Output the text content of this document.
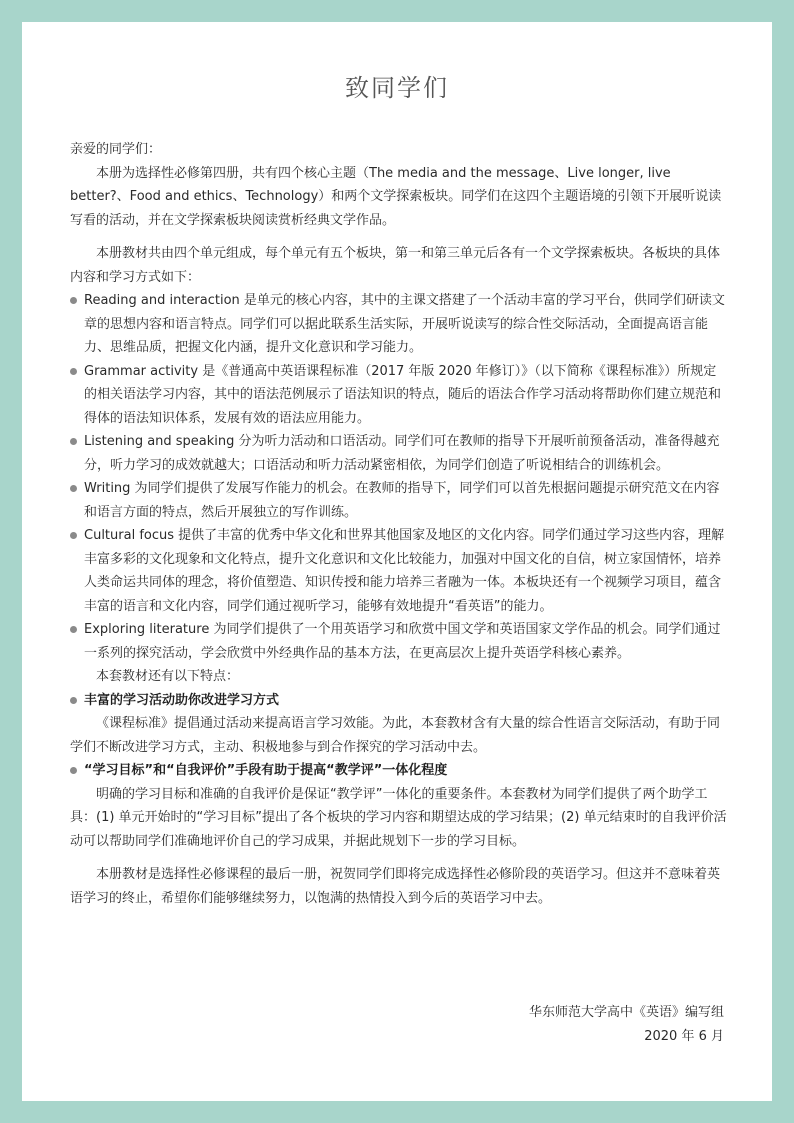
致同学们

亲爱的同学们：

本册为选择性必修第四册，共有四个核心主题（The media and the message、Live longer, live better?、Food and ethics、Technology）和两个文学探索板块。同学们在这四个主题语境的引领下开展听说读写看的活动，并在文学探索板块阅读赏析经典文学作品。

本册教材共由四个单元组成，每个单元有五个板块，第一和第三单元后各有一个文学探索板块。各板块的具体内容和学习方式如下：

Reading and interaction 是单元的核心内容，其中的主课文搭建了一个活动丰富的学习平台，供同学们研读文章的思想内容和语言特点。同学们可以据此联系生活实际，开展听说读写的综合性交际活动，全面提高语言能力、思维品质，把握文化内涵，提升文化意识和学习能力。

Grammar activity 是《普通高中英语课程标准（2017 年版 2020 年修订）》（以下简称《课程标准》）所规定的相关语法学习内容，其中的语法范例展示了语法知识的特点，随后的语法合作学习活动将帮助你们建立规范和得体的语法知识体系，发展有效的语法应用能力。

Listening and speaking 分为听力活动和口语活动。同学们可在教师的指导下开展听前预备活动，准备得越充分，听力学习的成效就越大；口语活动和听力活动紧密相依，为同学们创造了听说相结合的训练机会。

Writing 为同学们提供了发展写作能力的机会。在教师的指导下，同学们可以首先根据问题提示研究范文在内容和语言方面的特点，然后开展独立的写作训练。

Cultural focus 提供了丰富的优秀中华文化和世界其他国家及地区的文化内容。同学们通过学习这些内容，理解丰富多彩的文化现象和文化特点，提升文化意识和文化比较能力，加强对中国文化的自信，树立家国情怀，培养人类命运共同体的理念，将价值塑造、知识传授和能力培养三者融为一体。本板块还有一个视频学习项目，蕴含丰富的语言和文化内容，同学们通过视听学习，能够有效地提升“看英语”的能力。

Exploring literature 为同学们提供了一个用英语学习和欣赏中国文学和英语国家文学作品的机会。同学们通过一系列的探究活动，学会欣赏中外经典作品的基本方法，在更高层次上提升英语学科核心素养。

本套教材还有以下特点：

丰富的学习活动助你改进学习方式

《课程标准》提倡通过活动来提高语言学习效能。为此，本套教材含有大量的综合性语言交际活动，有助于同学们不断改进学习方式，主动、积极地参与到合作探究的学习活动中去。

“学习目标”和“自我评价”手段有助于提高“教学评”一体化程度

明确的学习目标和准确的自我评价是保证“教学评”一体化的重要条件。本套教材为同学们提供了两个助学工具：(1) 单元开始时的“学习目标”提出了各个板块的学习内容和期望达成的学习结果；(2) 单元结束时的自我评价活动可以帮助同学们准确地评价自己的学习成果，并据此规划下一步的学习目标。

本册教材是选择性必修课程的最后一册，祝贺同学们即将完成选择性必修阶段的英语学习。但这并不意味着英语学习的终止，希望你们能够继续努力，以饱满的热情投入到今后的英语学习中去。

华东师范大学高中《英语》编写组

2020 年 6 月
